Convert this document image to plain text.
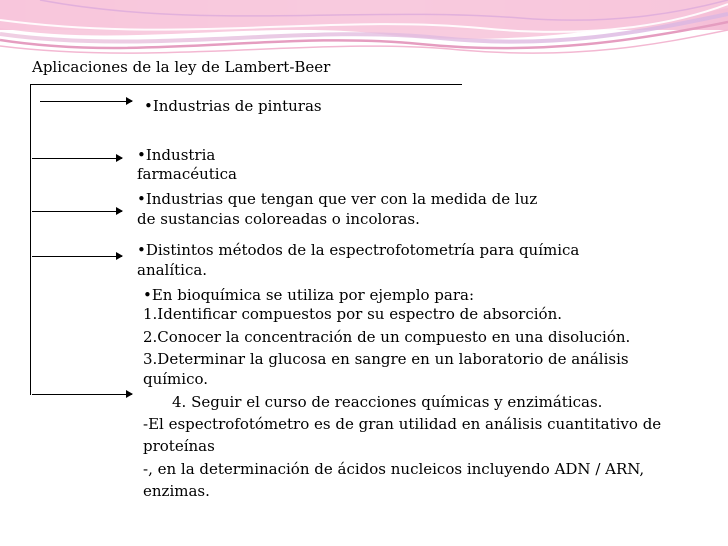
Aplicaciones de la ley de Lambert-Beer
•Industrias de pinturas
•Industria
farmacéutica
•Industrias que tengan que ver con la medida de luz
de sustancias coloreadas o incoloras.
•Distintos métodos de la espectrofotometría para química
analítica.
•En bioquímica se utiliza por ejemplo para:
1.Identificar compuestos por su espectro de absorción.
2.Conocer la concentración de un compuesto en una disolución.
3.Determinar la glucosa en sangre en un laboratorio de análisis
químico.
4. Seguir el curso de reacciones químicas y enzimáticas.
-El espectrofotómetro es de gran utilidad en análisis cuantitativo de
proteínas
-, en la determinación de ácidos nucleicos incluyendo ADN / ARN,
enzimas.
